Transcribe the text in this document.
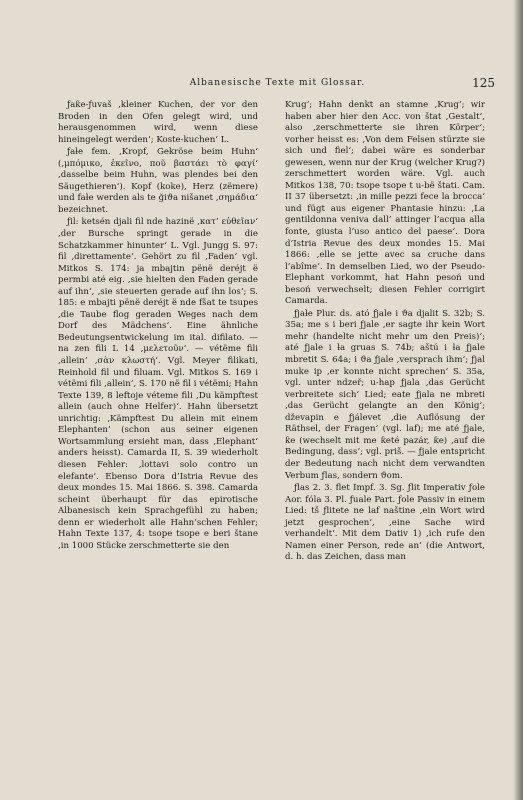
Albanesische Texte mit Glossar.	125

ƒaƙe-ƒuvaš ‚kleiner Kuchen, der vor den Broden in den Ofen gelegt wird, und herausgenommen wird, wenn diese hineingelegt werden‘; Koste-kuchen‘ L.

ƒaƚe fem. ‚Kropf, Gekröse beim Huhn‘ (‚μπόμικο, ἐκεῖνο, ποῦ βαστάει τὸ φαγί‘ ‚dasselbe beim Huhn, was plendes bei den Säugethieren‘). Kopf (koke), Herz (zëmere) und faƚe werden als te ğiϑa nišanet ‚σημάδια‘ bezeichnet.

ƒil: ketsén djali fil nde hazinë ‚κατ’ εὐθεῖαν‘ ‚der Bursche springt gerade in die Schatzkammer hinunter‘ L. Vgl. Jungg S. 97: fil ‚direttamente‘. Gehört zu fil ‚Faden‘ vgl. Mitkos S. 174: ja mbajtin pënë deréjt ë permbi até eig. ‚sie hielten den Faden gerade auf ihn‘, ‚sie steuerten gerade auf ihn los‘; S. 185: e mbajti pënë deréjt ë nde fšat te tsupes ‚die Taube flog geraden Weges nach dem Dorf des Mädchens‘. Eine ähnliche Bedeutungsentwickelung im ital. difilato. — na zen fili L 14 ‚μελετοῦν‘. — vétëme fili ‚allein‘ ‚σὰν κλωστή‘. Vgl. Meyer filikati, Reinhold fil und filuam. Vgl. Mitkos S. 169 i vétëmi fili ‚allein‘, S. 170 në fil i vétëmi; Hahn Texte 139, 8 leftoje véteme fili ‚Du kämpftest allein (auch ohne Helfer)‘. Hahn übersetzt unrichtig: ‚Kämpftest Du allein mit einem Elephanten‘ (schon aus seiner eigenen Wortsammlung ersieht man, dass ‚Elephant‘ anders heisst). Camarda II, S. 39 wiederholt diesen Fehler: ‚lottavi solo contro un elefante‘. Ebenso Dora d’Istria Revue des deux mondes 15. Mai 1866. S. 398. Camarda scheint überhaupt für das epirotische Albanesisch kein Sprachgefühl zu haben; denn er wiederholt alle Hahn’schen Fehler; Hahn Texte 137, 4: tsope tsope e beri štane ‚in 1000 Stücke zerschmetterte sie den

Krug‘; Hahn denkt an stamne ‚Krug‘; wir haben aber hier den Acc. von štat ‚Gestalt‘, also ‚zerschmetterte sie ihren Körper‘; vorher heisst es: ‚Von dem Felsen stürzte sie sich und fiel‘; dabei wäre es sonderbar gewesen, wenn nur der Krug (welcher Krug?) zerschmettert worden wäre. Vgl. auch Mitkos 138, 70: tsope tsope t u-bë štati. Cam. II 37 übersetzt: ‚in mille pezzi fece la brocca‘ und fügt aus eigener Phantasie hinzu: ‚La gentildonna veniva dall’ attinger l’acqua alla fonte, giusta l’uso antico del paese‘. Dora d’Istria Revue des deux mondes 15. Mai 1866: ‚elle se jette avec sa cruche dans l’abîme‘. In demselben Lied, wo der Pseudo-Elephant vorkommt, hat Hahn pesoń und besoń verwechselt; diesen Fehler corrigirt Camarda.

ƒjaƚe Plur. ds. ató ƒjale i ϑa djalit S. 32b; S. 35a; me s i beri ƒjale ‚er sagte ihr kein Wort mehr (handelte nicht mehr um den Preis)‘; até ƒjale i ƚa gruas S. 74b; aštú i ƚa ƒjale mbretit S. 64a; i ϑa ƒjale ‚versprach ihm‘; ƒjal muke ip ‚er konnte nicht sprechen‘ S. 35a, vgl. unter ndzeř; u-hap ƒjala ‚das Gerücht verbreitete sich‘ Lied; eate ƒjala ne mbreti ‚das Gerücht gelangte an den König‘; dževapin e ƒjálevet ‚die Auflösung der Räthsel, der Fragen‘ (vgl. laf); me até ƒjale, ƙe (wechselt mit me ƙeté pazár, ƙe) ‚auf die Bedingung, dass‘; vgl. priš. — ƒjale entspricht der Bedeutung nach nicht dem verwandten Verbum ƒlas, sondern ϑom.

ƒlas 2. 3. flet Impf. 3. Sg. ƒlit Imperativ ƒole Aor. fóla 3. Pl. ƒuale Part. ƒole Passiv in einem Lied: tš ƒlitete ne laf naštine ‚ein Wort wird jetzt gesprochen‘, ‚eine Sache wird verhandelt‘. Mit dem Dativ 1) ‚ich rufe den Namen einer Person, rede an‘ (die Antwort, d. h. das Zeichen, dass man
